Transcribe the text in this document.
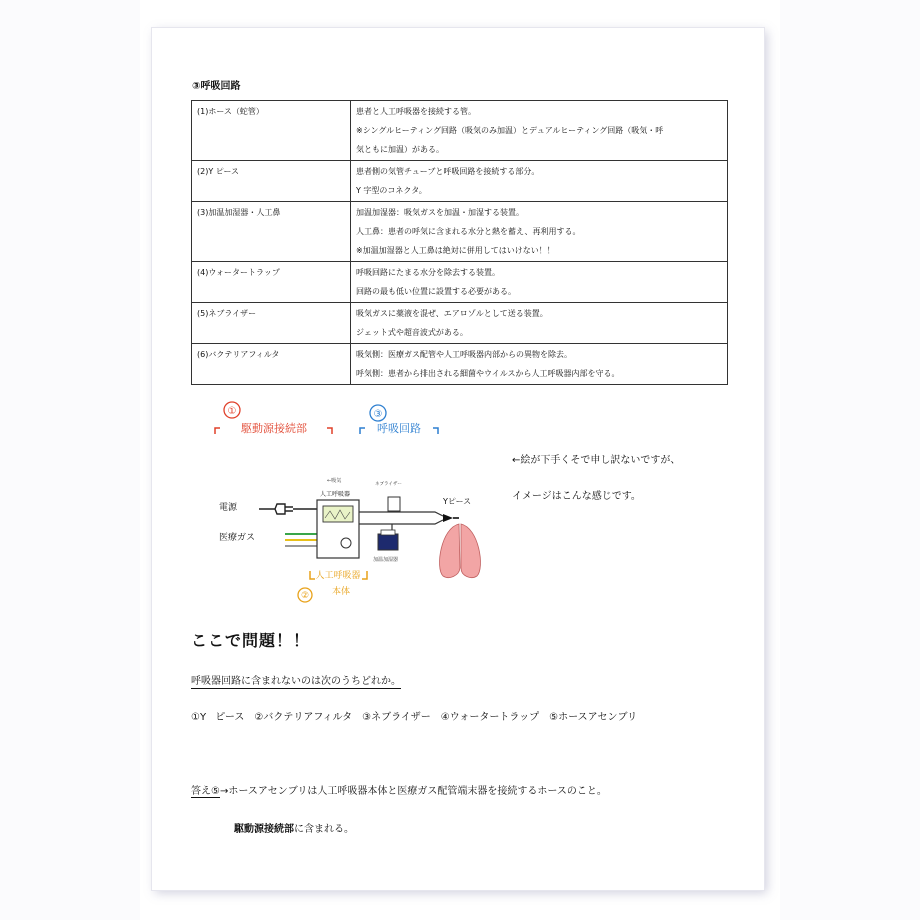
③呼吸回路
(1)ホース（蛇管）	患者と人工呼吸器を接続する管。
※シングルヒーティング回路（吸気のみ加温）とデュアルヒーティング回路（吸気・呼
気ともに加温）がある。

(2)Y ピース	患者側の気管チューブと呼吸回路を接続する部分。
Y 字型のコネクタ。

(3)加温加湿器・人工鼻	加温加湿器：吸気ガスを加温・加湿する装置。
人工鼻：患者の呼気に含まれる水分と熱を蓄え、再利用する。
※加温加湿器と人工鼻は絶対に併用してはいけない！！

(4)ウォータートラップ	呼吸回路にたまる水分を除去する装置。
回路の最も低い位置に設置する必要がある。

(5)ネブライザー	吸気ガスに薬液を混ぜ、エアロゾルとして送る装置。
ジェット式や超音波式がある。

(6)バクテリアフィルタ	吸気側：医療ガス配管や人工呼吸器内部からの異物を除去。
呼気側：患者から排出される細菌やウイルスから人工呼吸器内部を守る。
①
駆動源接続部
③
呼吸回路
←吸気
電源
医療ガス
人工呼吸器
ネブライザー
加温加湿器
Yピース
人工呼吸器
②	本体
←絵が下手くそで申し訳ないですが、
イメージはこんな感じです。
ここで問題！！
呼吸器回路に含まれないのは次のうちどれか。
①Y ピース　②バクテリアフィルタ　③ネブライザー　④ウォータートラップ　⑤ホースアセンブリ
答え⑤→ホースアセンブリは人工呼吸器本体と医療ガス配管端末器を接続するホースのこと。
駆動源接続部に含まれる。
